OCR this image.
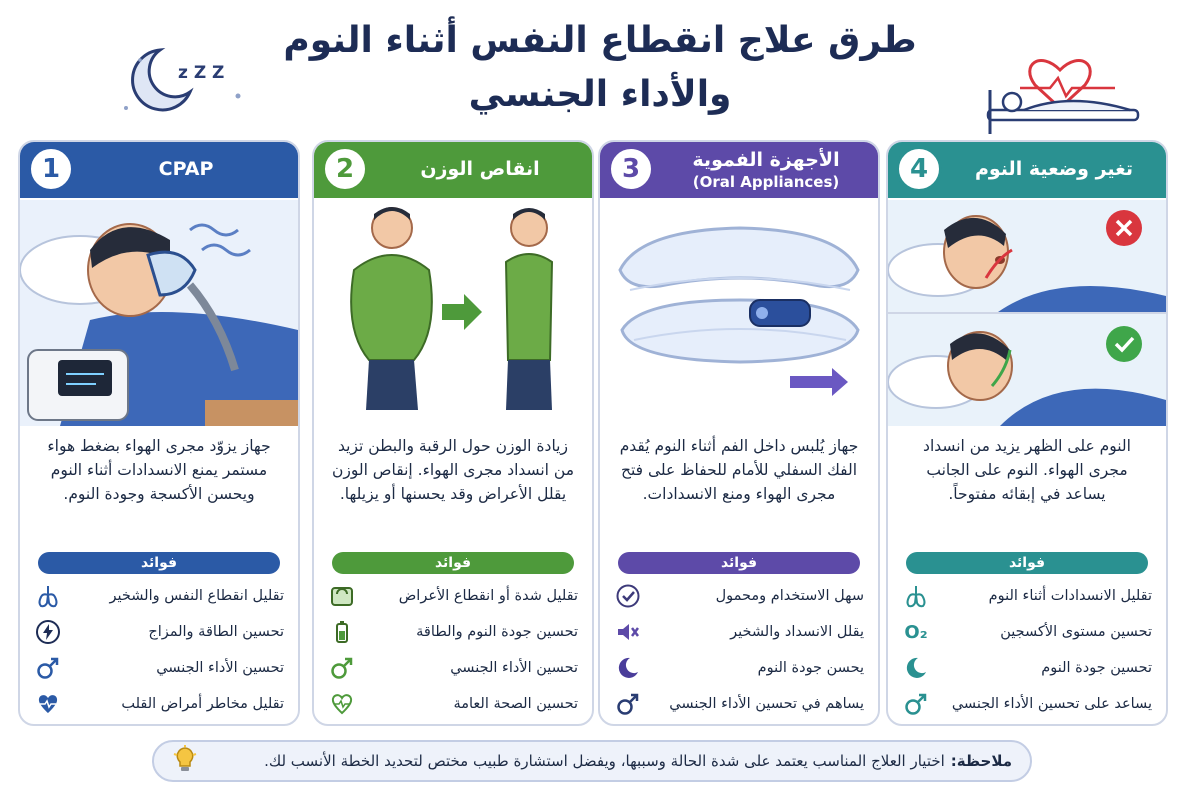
طرق علاج انقطاع النفس أثناء النوم
والأداء الجنسي
z Z Z
1	CPAP
جهاز يزوّد مجرى الهواء بضغط هواء مستمر يمنع الانسدادات أثناء النوم ويحسن الأكسجة وجودة النوم.
فوائد
تقليل انقطاع النفس والشخير
تحسين الطاقة والمزاج
تحسين الأداء الجنسي
تقليل مخاطر أمراض القلب
2	انقاص الوزن
زيادة الوزن حول الرقبة والبطن تزيد من انسداد مجرى الهواء. إنقاص الوزن يقلل الأعراض وقد يحسنها أو يزيلها.
فوائد
تقليل شدة أو انقطاع الأعراض
تحسين جودة النوم والطاقة
تحسين الأداء الجنسي
تحسين الصحة العامة
3	الأجهزة الفموية
(Oral Appliances)
جهاز يُلبس داخل الفم أثناء النوم يُقدم الفك السفلي للأمام للحفاظ على فتح مجرى الهواء ومنع الانسدادات.
فوائد
سهل الاستخدام ومحمول
يقلل الانسداد والشخير
يحسن جودة النوم
يساهم في تحسين الأداء الجنسي
4	تغير وضعية النوم
النوم على الظهر يزيد من انسداد مجرى الهواء. النوم على الجانب يساعد في إبقائه مفتوحاً.
فوائد
تقليل الانسدادات أثناء النوم
تحسين مستوى الأكسجين
O₂
تحسين جودة النوم
يساعد على تحسين الأداء الجنسي
ملاحظة:
اختيار العلاج المناسب يعتمد على شدة الحالة وسببها، ويفضل استشارة طبيب مختص لتحديد الخطة الأنسب لك.
